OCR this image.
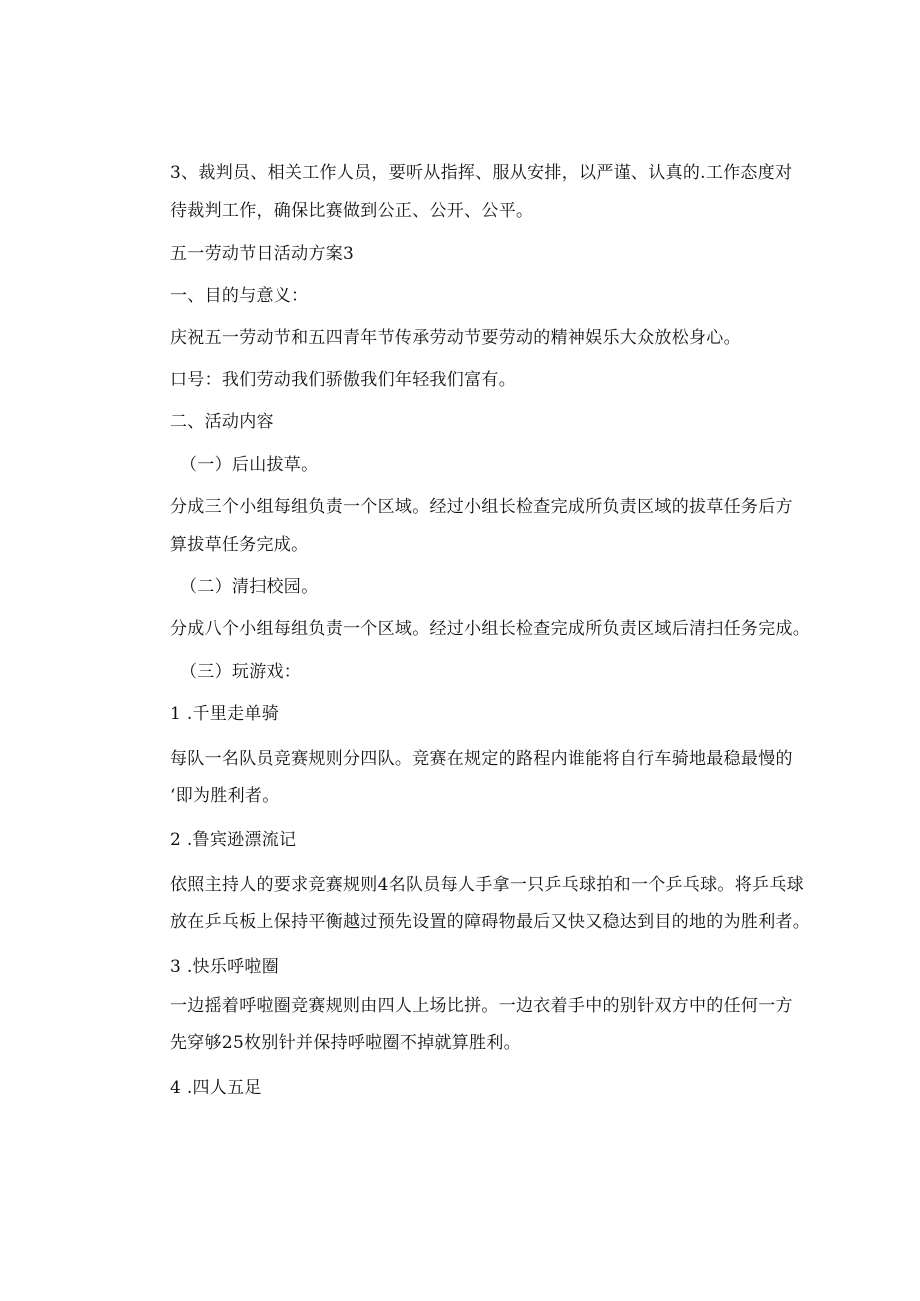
3、裁判员、相关工作人员，要听从指挥、服从安排，以严谨、认真的.工作态度对

待裁判工作，确保比赛做到公正、公开、公平。

五一劳动节日活动方案3

一、目的与意义：

庆祝五一劳动节和五四青年节传承劳动节要劳动的精神娱乐大众放松身心。

口号：我们劳动我们骄傲我们年轻我们富有。

二、活动内容

（一）后山拔草。

分成三个小组每组负责一个区域。经过小组长检查完成所负责区域的拔草任务后方

算拔草任务完成。

（二）清扫校园。

分成八个小组每组负责一个区域。经过小组长检查完成所负责区域后清扫任务完成。

（三）玩游戏：

1 .千里走单骑

每队一名队员竞赛规则分四队。竞赛在规定的路程内谁能将自行车骑地最稳最慢的

‘即为胜利者。

2 .鲁宾逊漂流记

依照主持人的要求竞赛规则4名队员每人手拿一只乒乓球拍和一个乒乓球。将乒乓球

放在乒乓板上保持平衡越过预先设置的障碍物最后又快又稳达到目的地的为胜利者。

3 .快乐呼啦圈

一边摇着呼啦圈竞赛规则由四人上场比拼。一边衣着手中的别针双方中的任何一方

先穿够25枚别针并保持呼啦圈不掉就算胜利。

4 .四人五足
